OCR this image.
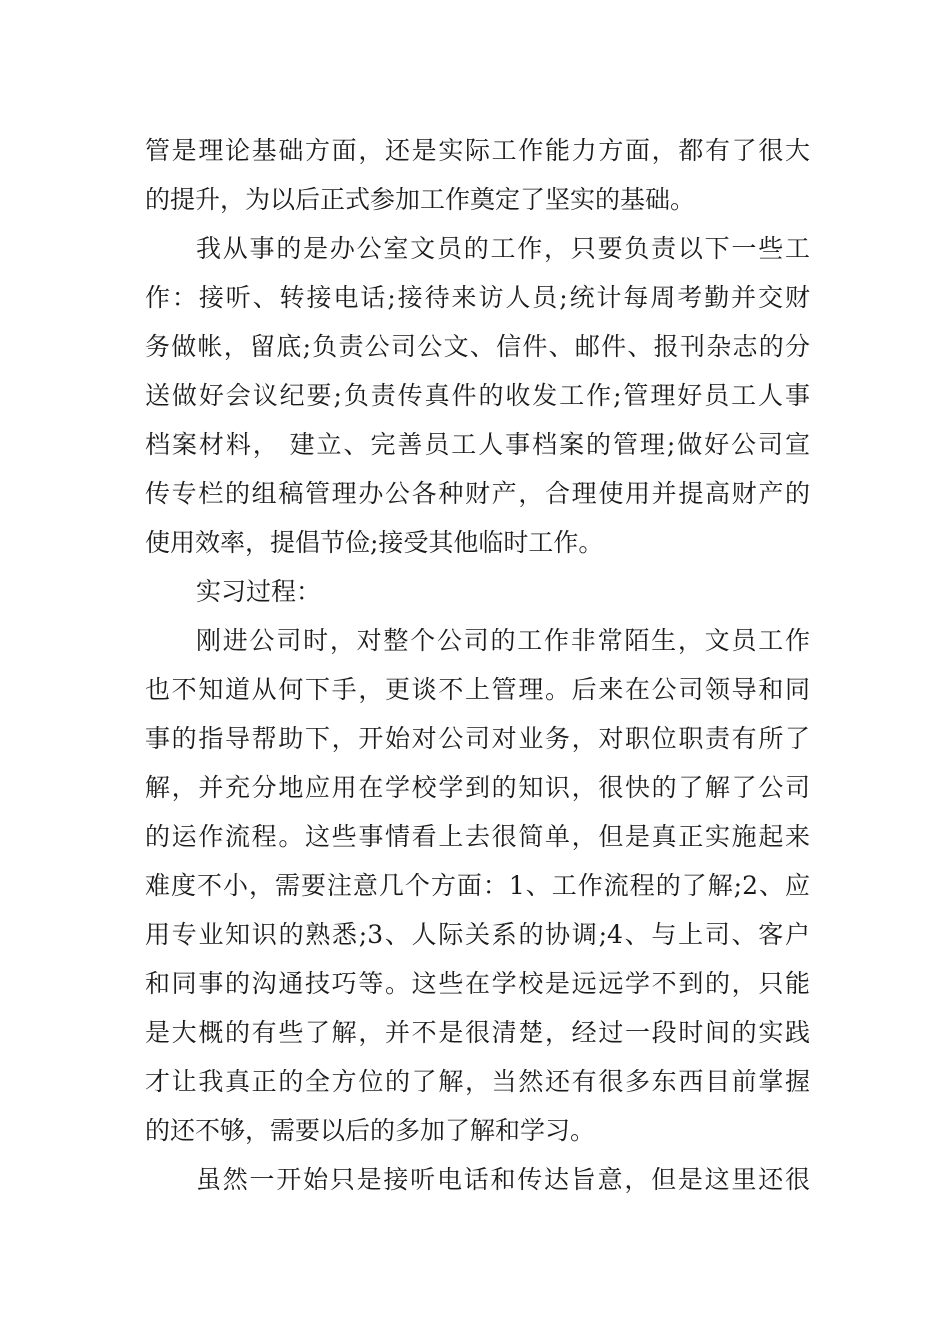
管是理论基础方面，还是实际工作能力方面，都有了很大
的提升，为以后正式参加工作奠定了坚实的基础。
我从事的是办公室文员的工作，只要负责以下一些工
作：接听、转接电话;接待来访人员;统计每周考勤并交财
务做帐，留底;负责公司公文、信件、邮件、报刊杂志的分
送做好会议纪要;负责传真件的收发工作;管理好员工人事
档案材料， 建立、完善员工人事档案的管理;做好公司宣
传专栏的组稿管理办公各种财产，合理使用并提高财产的
使用效率，提倡节俭;接受其他临时工作。
实习过程：
刚进公司时，对整个公司的工作非常陌生，文员工作
也不知道从何下手，更谈不上管理。后来在公司领导和同
事的指导帮助下，开始对公司对业务，对职位职责有所了
解，并充分地应用在学校学到的知识，很快的了解了公司
的运作流程。这些事情看上去很简单，但是真正实施起来
难度不小，需要注意几个方面：1、工作流程的了解;2、应
用专业知识的熟悉;3、人际关系的协调;4、与上司、客户
和同事的沟通技巧等。这些在学校是远远学不到的，只能
是大概的有些了解，并不是很清楚，经过一段时间的实践
才让我真正的全方位的了解，当然还有很多东西目前掌握
的还不够，需要以后的多加了解和学习。
虽然一开始只是接听电话和传达旨意，但是这里还很
